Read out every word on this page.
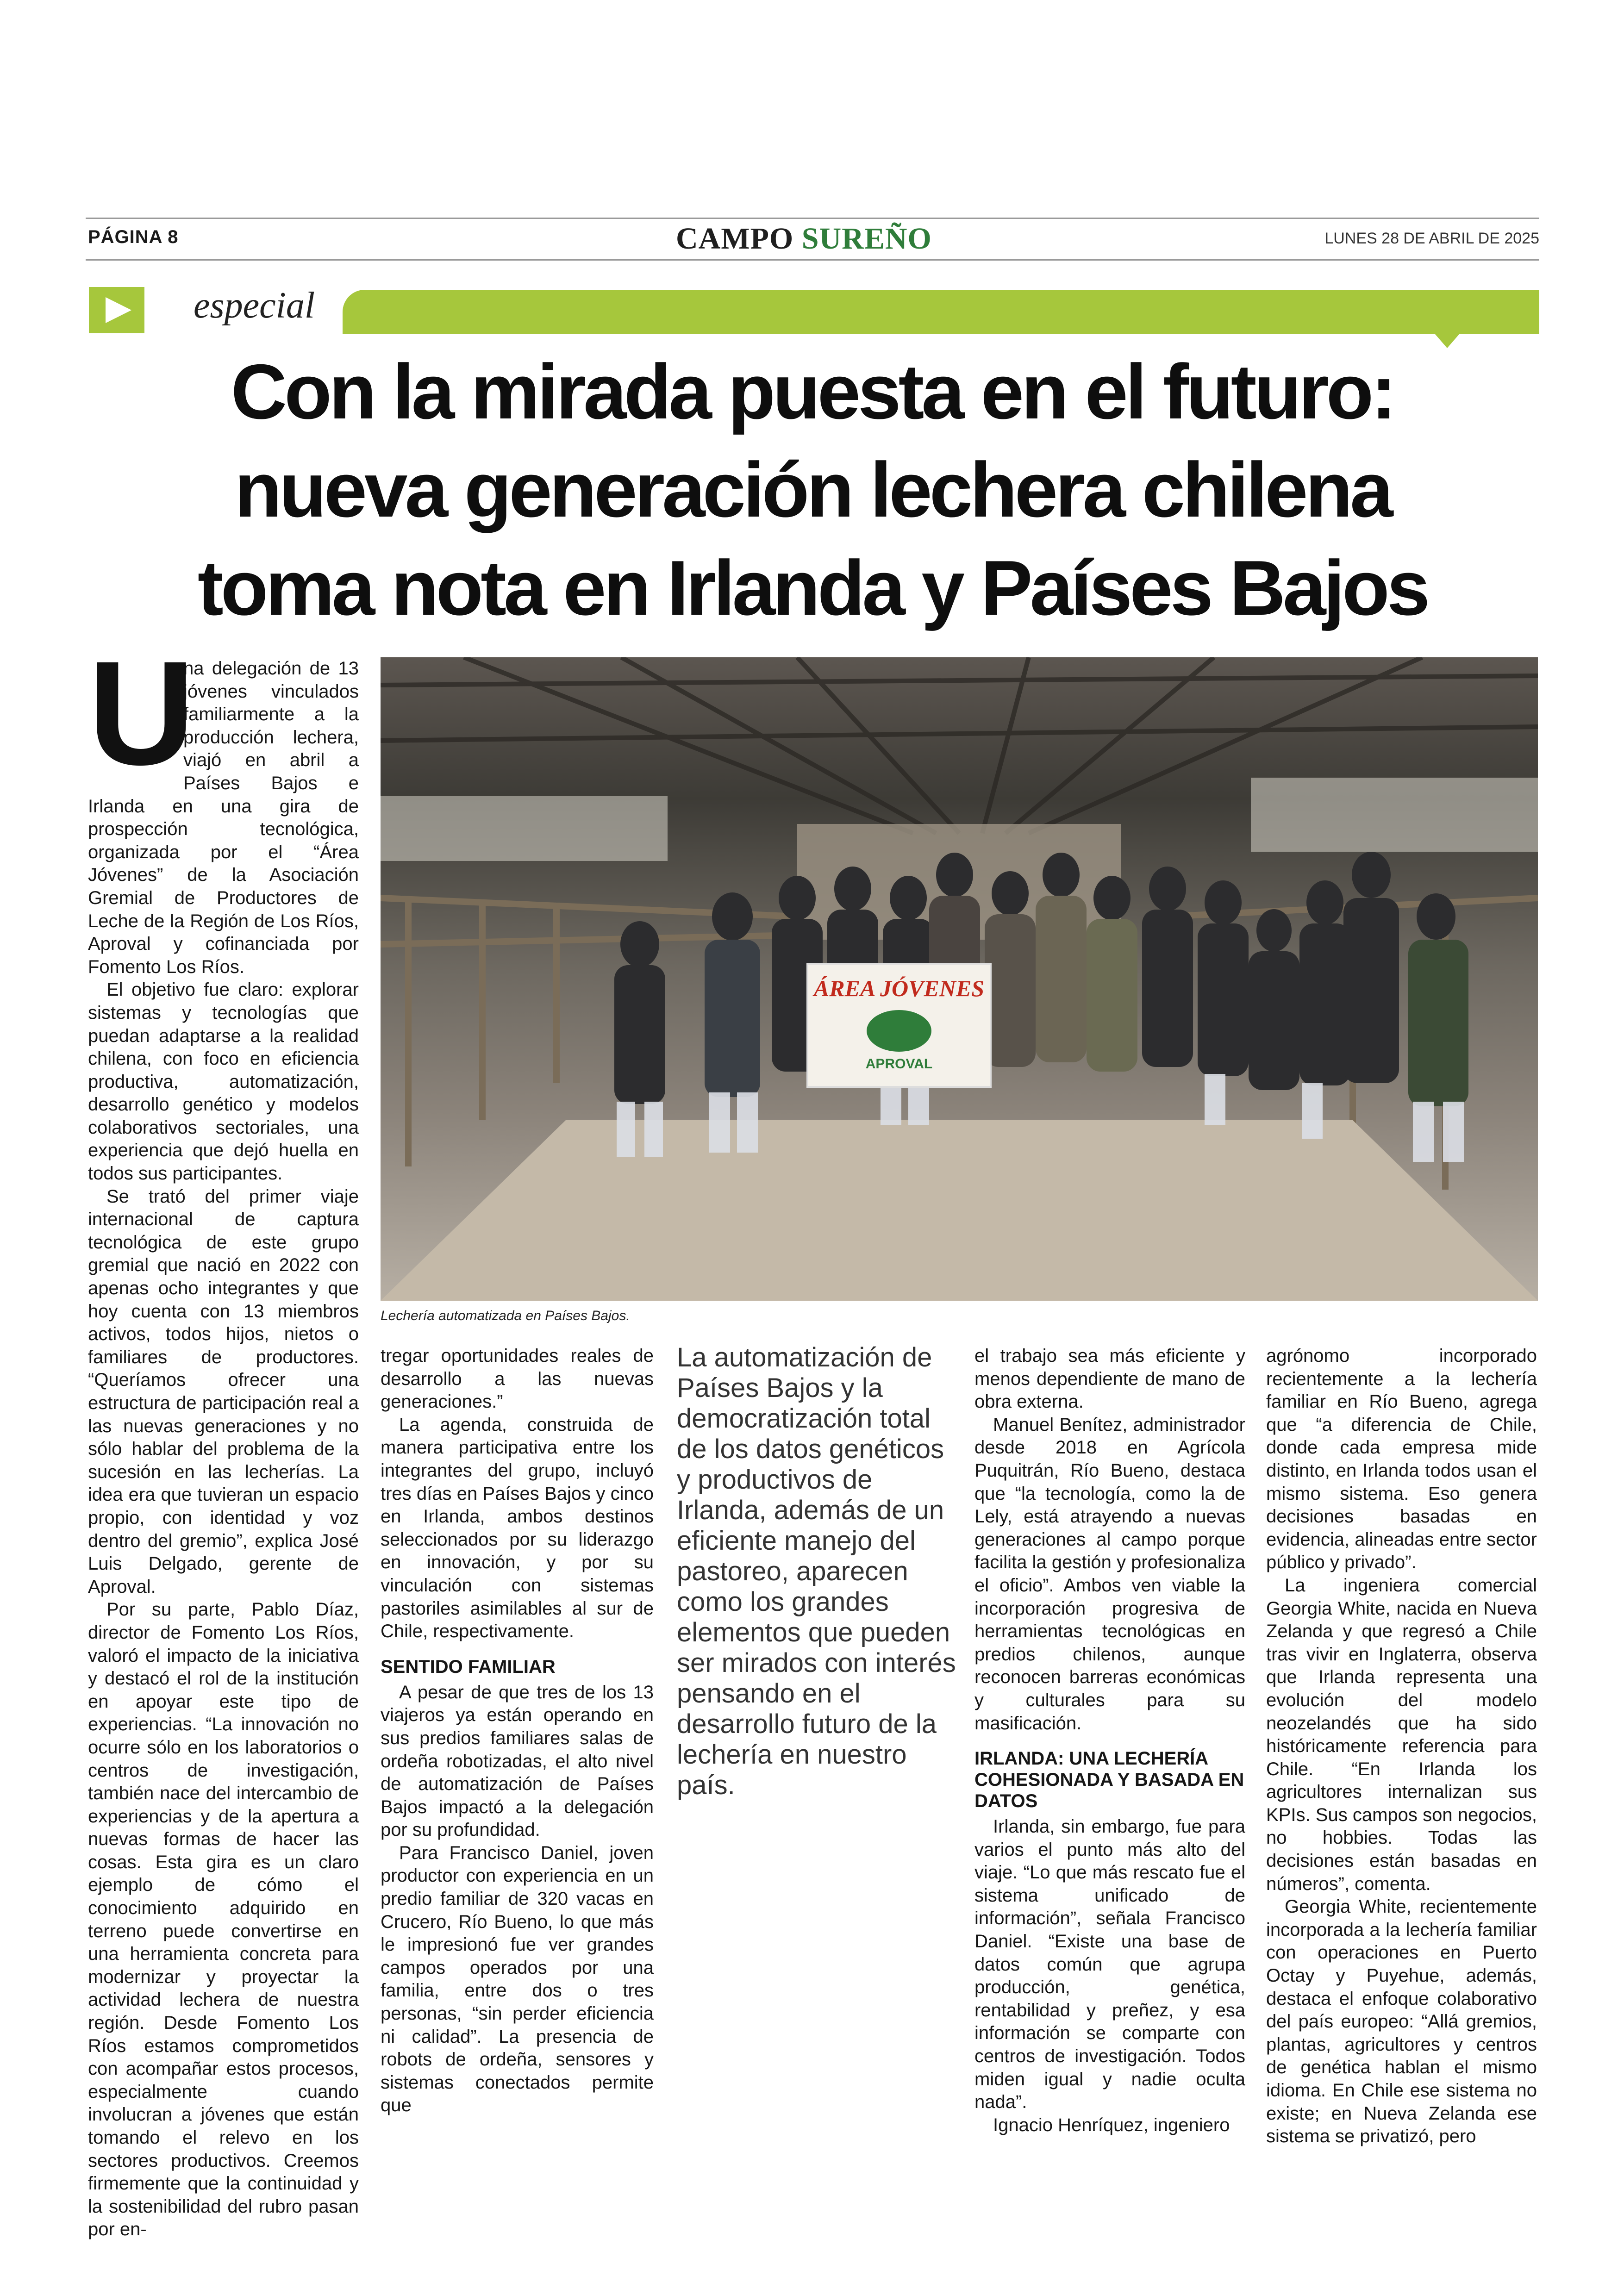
PÁGINA 8	CAMPO SUREÑO	LUNES 28 DE ABRIL DE 2025
especial
Con la mirada puesta en el futuro:
nueva generación lechera chilena
toma nota en Irlanda y Países Bajos
U

na delegación de 13 jóvenes vinculados familiarmente a la producción lechera, viajó en abril a Países Bajos e Irlanda en una gira de prospección tecnológica, organizada por el “Área Jóvenes” de la Asociación Gremial de Productores de Leche de la Región de Los Ríos, Aproval y cofinanciada por Fomento Los Ríos.

El objetivo fue claro: explorar sistemas y tecnologías que puedan adaptarse a la realidad chilena, con foco en eficiencia productiva, automatización, desarrollo genético y modelos colaborativos sectoriales, una experiencia que dejó huella en todos sus participantes.

Se trató del primer viaje internacional de captura tecnológica de este grupo gremial que nació en 2022 con apenas ocho integrantes y que hoy cuenta con 13 miembros activos, todos hijos, nietos o familiares de productores. “Queríamos ofrecer una estructura de participación real a las nuevas generaciones y no sólo hablar del problema de la sucesión en las lecherías. La idea era que tuvieran un espacio propio, con identidad y voz dentro del gremio”, explica José Luis Delgado, gerente de Aproval.

Por su parte, Pablo Díaz, director de Fomento Los Ríos, valoró el impacto de la iniciativa y destacó el rol de la institución en apoyar este tipo de experiencias. “La innovación no ocurre sólo en los laboratorios o centros de investigación, también nace del intercambio de experiencias y de la apertura a nuevas formas de hacer las cosas. Esta gira es un claro ejemplo de cómo el conocimiento adquirido en terreno puede convertirse en una herramienta concreta para modernizar y proyectar la actividad lechera de nuestra región. Desde Fomento Los Ríos estamos comprometidos con acompañar estos procesos, especialmente cuando involucran a jóvenes que están tomando el relevo en los sectores productivos. Creemos firmemente que la continuidad y la sostenibilidad del rubro pasan por en-

ÁREA JÓVENES
APROVAL
Lechería automatizada en Países Bajos.

tregar oportunidades reales de desarrollo a las nuevas generaciones.”

La agenda, construida de manera participativa entre los integrantes del grupo, incluyó tres días en Países Bajos y cinco en Irlanda, ambos destinos seleccionados por su liderazgo en innovación, y por su vinculación con sistemas pastoriles asimilables al sur de Chile, respectivamente.

SENTIDO FAMILIAR

A pesar de que tres de los 13 viajeros ya están operando en sus predios familiares salas de ordeña robotizadas, el alto nivel de automatización de Países Bajos impactó a la delegación por su profundidad.

Para Francisco Daniel, joven productor con experiencia en un predio familiar de 320 vacas en Crucero, Río Bueno, lo que más le impresionó fue ver grandes campos operados por una familia, entre dos o tres personas, “sin perder eficiencia ni calidad”. La presencia de robots de ordeña, sensores y sistemas conectados permite que

La automatización de Países Bajos y la democratización total de los datos genéticos y productivos de Irlanda, además de un eficiente manejo del pastoreo, aparecen como los grandes elementos que pueden ser mirados con interés pensando en el desarrollo futuro de la lechería en nuestro país.

el trabajo sea más eficiente y menos dependiente de mano de obra externa.

Manuel Benítez, administrador desde 2018 en Agrícola Puquitrán, Río Bueno, destaca que “la tecnología, como la de Lely, está atrayendo a nuevas generaciones al campo porque facilita la gestión y profesionaliza el oficio”. Ambos ven viable la incorporación progresiva de herramientas tecnológicas en predios chilenos, aunque reconocen barreras económicas y culturales para su masificación.

IRLANDA: UNA LECHERÍA COHESIONADA Y BASADA EN DATOS

Irlanda, sin embargo, fue para varios el punto más alto del viaje. “Lo que más rescato fue el sistema unificado de información”, señala Francisco Daniel. “Existe una base de datos común que agrupa producción, genética, rentabilidad y preñez, y esa información se comparte con centros de investigación. Todos miden igual y nadie oculta nada”.

Ignacio Henríquez, ingeniero

agrónomo incorporado recientemente a la lechería familiar en Río Bueno, agrega que “a diferencia de Chile, donde cada empresa mide distinto, en Irlanda todos usan el mismo sistema. Eso genera decisiones basadas en evidencia, alineadas entre sector público y privado”.

La ingeniera comercial Georgia White, nacida en Nueva Zelanda y que regresó a Chile tras vivir en Inglaterra, observa que Irlanda representa una evolución del modelo neozelandés que ha sido históricamente referencia para Chile. “En Irlanda los agricultores internalizan sus KPIs. Sus campos son negocios, no hobbies. Todas las decisiones están basadas en números”, comenta.

Georgia White, recientemente incorporada a la lechería familiar con operaciones en Puerto Octay y Puyehue, además, destaca el enfoque colaborativo del país europeo: “Allá gremios, plantas, agricultores y centros de genética hablan el mismo idioma. En Chile ese sistema no existe; en Nueva Zelanda ese sistema se privatizó, pero
